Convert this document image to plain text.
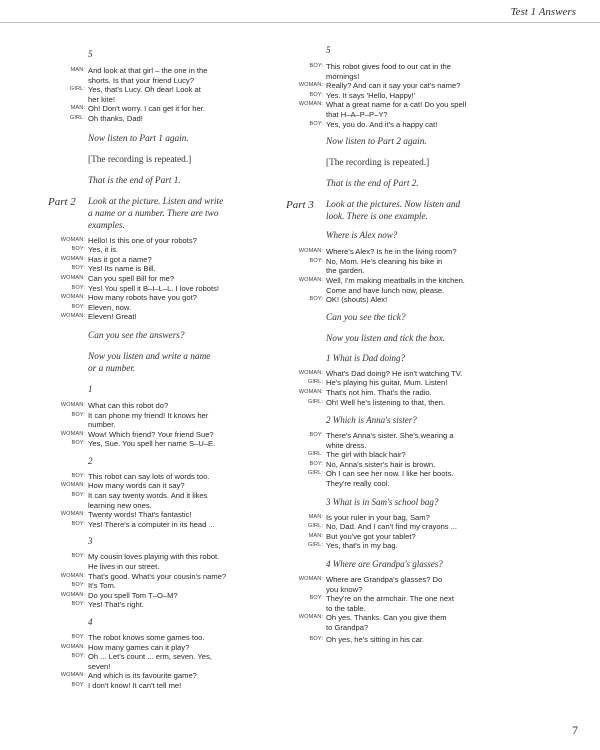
Test 1 Answers
5
MAN: And look at that girl – the one in the
shorts. Is that your friend Lucy?
GIRL: Yes, that's Lucy. Oh dear! Look at
her kite!
MAN: Oh! Don't worry. I can get it for her.
GIRL: Oh thanks, Dad!
Now listen to Part 1 again.
[The recording is repeated.]
That is the end of Part 1.
Part 2	Look at the picture. Listen and write
a name or a number. There are two
examples.
WOMAN: Hello! Is this one of your robots?
BOY: Yes, it is.
WOMAN: Has it got a name?
BOY: Yes! Its name is Bill.
WOMAN: Can you spell Bill for me?
BOY: Yes! You spell it B–I–L–L. I love robots!
WOMAN: How many robots have you got?
BOY: Eleven, now.
WOMAN: Eleven! Great!
Can you see the answers?
Now you listen and write a name
or a number.
1
WOMAN: What can this robot do?
BOY: It can phone my friend! It knows her
number.
WOMAN: Wow! Which friend? Your friend Sue?
BOY: Yes, Sue. You spell her name S–U–E.
2
BOY: This robot can say lots of words too.
WOMAN: How many words can it say?
BOY: It can say twenty words. And it likes
learning new ones.
WOMAN: Twenty words! That's fantastic!
BOY: Yes! There's a computer in its head ...
3
BOY: My cousin loves playing with this robot.
He lives in our street.
WOMAN: That's good. What's your cousin's name?
BOY: It's Tom.
WOMAN: Do you spell Tom T–O–M?
BOY: Yes! That's right.
4
BOY: The robot knows some games too.
WOMAN: How many games can it play?
BOY: Oh ... Let's count ... erm, seven. Yes,
seven!
WOMAN: And which is its favourite game?
BOY: I don't know! It can't tell me!
5
BOY: This robot gives food to our cat in the
mornings!
WOMAN: Really? And can it say your cat's name?
BOY: Yes. It says 'Hello, Happy!'
WOMAN: What a great name for a cat! Do you spell
that H–A–P–P–Y?
BOY: Yes, you do. And it's a happy cat!
Now listen to Part 2 again.
[The recording is repeated.]
That is the end of Part 2.
Part 3	Look at the pictures. Now listen and
look. There is one example.
Where is Alex now?
WOMAN: Where's Alex? Is he in the living room?
BOY: No, Mom. He's cleaning his bike in
the garden.
WOMAN: Well, I'm making meatballs in the kitchen.
Come and have lunch now, please.
BOY: OK! (shouts) Alex!
Can you see the tick?
Now you listen and tick the box.
1 What is Dad doing?
WOMAN: What's Dad doing? He isn't watching TV.
GIRL: He's playing his guitar, Mum. Listen!
WOMAN: That's not him. That's the radio.
GIRL: Oh! Well he's listening to that, then.
2 Which is Anna's sister?
BOY: There's Anna's sister. She's wearing a
white dress.
GIRL: The girl with black hair?
BOY: No, Anna's sister's hair is brown.
GIRL: Oh I can see her now. I like her boots.
They're really cool.
3 What is in Sam's school bag?
MAN: Is your ruler in your bag, Sam?
GIRL: No, Dad. And I can't find my crayons ...
MAN: But you've got your tablet?
GIRL: Yes, that's in my bag.
4 Where are Grandpa's glasses?
WOMAN: Where are Grandpa's glasses? Do
you know?
BOY: They're on the armchair. The one next
to the table.
WOMAN: Oh yes. Thanks. Can you give them
to Grandpa?
BOY: Oh yes, he's sitting in his car.
7
